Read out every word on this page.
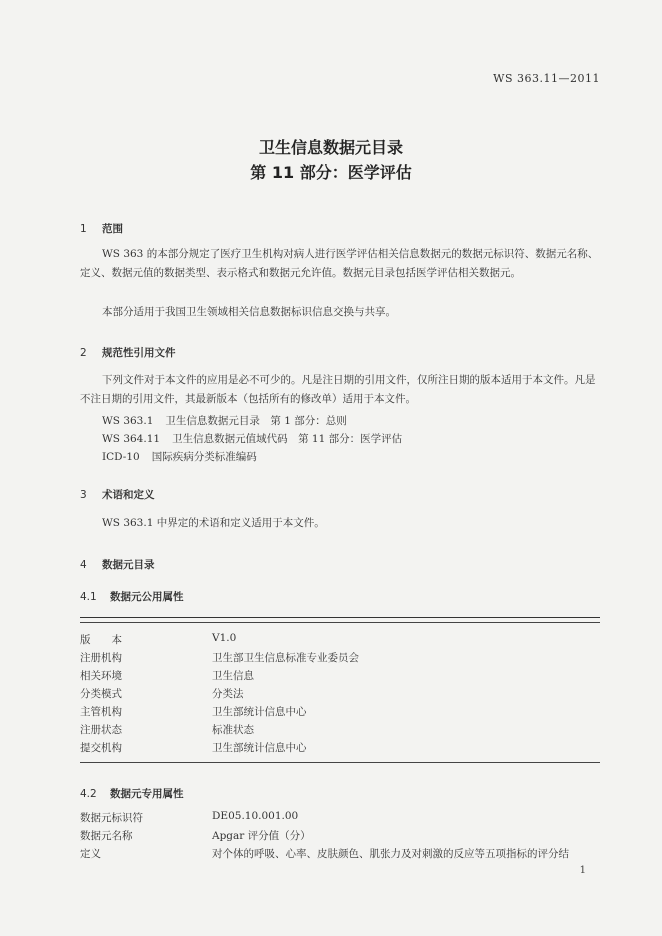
WS 363.11—2011
卫生信息数据元目录
第 11 部分：医学评估
1 范围
WS 363 的本部分规定了医疗卫生机构对病人进行医学评估相关信息数据元的数据元标识符、数据元名称、定义、数据元值的数据类型、表示格式和数据元允许值。数据元目录包括医学评估相关数据元。
本部分适用于我国卫生领域相关信息数据标识信息交换与共享。
2 规范性引用文件
下列文件对于本文件的应用是必不可少的。凡是注日期的引用文件，仅所注日期的版本适用于本文件。凡是不注日期的引用文件，其最新版本（包括所有的修改单）适用于本文件。
WS 363.1 卫生信息数据元目录　第 1 部分：总则
WS 364.11 卫生信息数据元值域代码　第 11 部分：医学评估
ICD-10 国际疾病分类标准编码
3 术语和定义
WS 363.1 中界定的术语和定义适用于本文件。
4 数据元目录
4.1 数据元公用属性
版　　本	V1.0
注册机构	卫生部卫生信息标准专业委员会
相关环境	卫生信息
分类模式	分类法
主管机构	卫生部统计信息中心
注册状态	标准状态
提交机构	卫生部统计信息中心
4.2 数据元专用属性
数据元标识符	DE05.10.001.00
数据元名称	Apgar 评分值（分）
定义	对个体的呼吸、心率、皮肤颜色、肌张力及对刺激的反应等五项指标的评分结
1
